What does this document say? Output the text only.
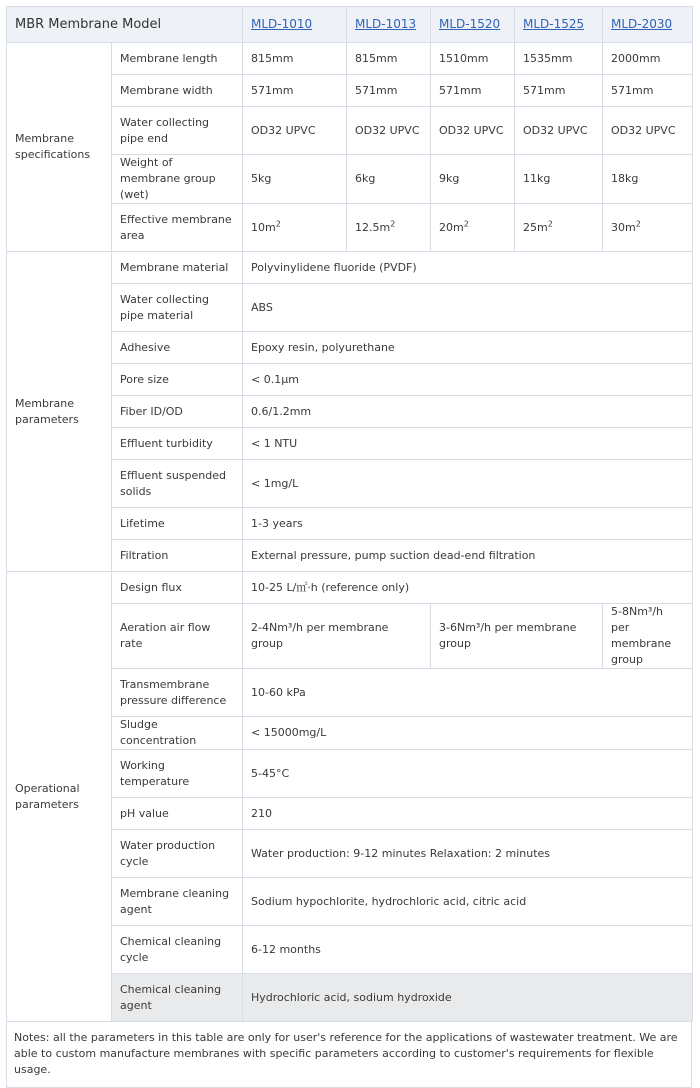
MBR Membrane Model		MLD-1010	MLD-1013	MLD-1520	MLD-1525	MLD-2030
Membrane specifications	Membrane length	815mm	815mm	1510mm	1535mm	2000mm
	Membrane width	571mm	571mm	571mm	571mm	571mm
	Water collecting pipe end	OD32 UPVC	OD32 UPVC	OD32 UPVC	OD32 UPVC	OD32 UPVC
	Weight of membrane group (wet)	5kg	6kg	9kg	11kg	18kg
	Effective membrane area	$10m^2$	$12.5m^2$	$20m^2$	$25m^2$	$30m^2$
Membrane parameters	Membrane material	Polyvinylidene fluoride (PVDF)				
	Water collecting pipe material	ABS				
	Adhesive	Epoxy resin, polyurethane				
	Pore size	< 0.1μm				
	Fiber ID/OD	0.6/1.2mm				
	Effluent turbidity	< 1 NTU				
	Effluent suspended solids	< 1mg/L				
	Lifetime	1-3 years				
	Filtration	External pressure, pump suction dead-end filtration				
Operational parameters	Design flux	10-25 L/㎡·h (reference only)				
	Aeration air flow rate	2-4Nm³/h per membrane group		3-6Nm³/h per membrane group		5-8Nm³/h per membrane group
	Transmembrane pressure difference	10-60 kPa				
	Sludge concentration	< 15000mg/L				
	Working temperature	5-45°C				
	pH value	210				
	Water production cycle	Water production: 9-12 minutes Relaxation: 2 minutes				
	Membrane cleaning agent	Sodium hypochlorite, hydrochloric acid, citric acid				
	Chemical cleaning cycle	6-12 months				
	Chemical cleaning agent	Hydrochloric acid, sodium hydroxide				
Notes: all the parameters in this table are only for user's reference for the applications of wastewater treatment. We are able to custom manufacture membranes with specific parameters according to customer's requirements for flexible usage.
